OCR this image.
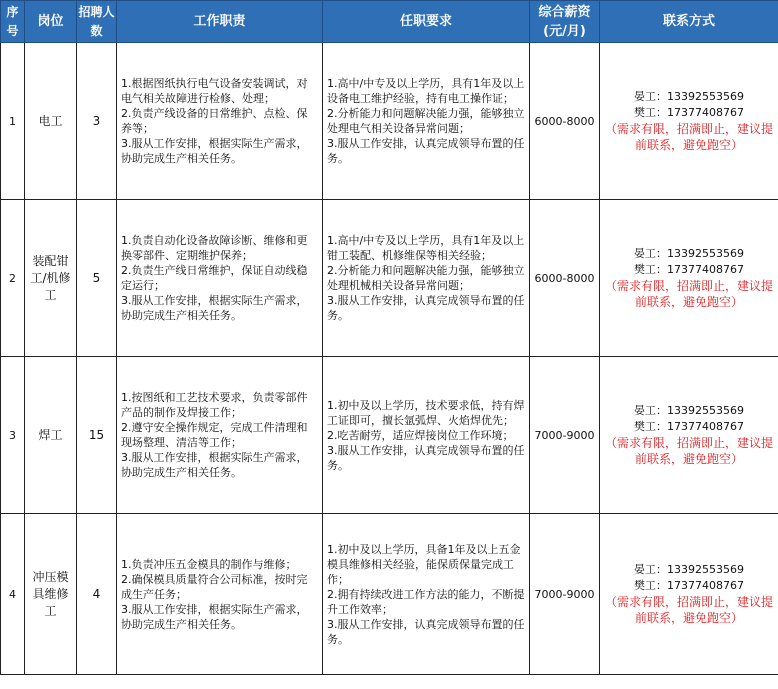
序号	岗位	招聘人数	工作职责	任职要求	综合薪资(元/月)	联系方式
1	电工	3	1.根据图纸执行电气设备安装调试，对电气相关故障进行检修、处理；
2.负责产线设备的日常维护、点检、保养等；
3.服从工作安排，根据实际生产需求，协助完成生产相关任务。	1.高中/中专及以上学历，具有1年及以上设备电工维护经验，持有电工操作证；
2.分析能力和问题解决能力强，能够独立处理电气相关设备异常问题；
3.服从工作安排，认真完成领导布置的任务。	6000-8000	晏工：13392553569
樊工：17377408767
（需求有限，招满即止，建议提前联系，避免跑空）

2	装配钳工/机修工	5	1.负责自动化设备故障诊断、维修和更换零部件、定期维护保养；
2.负责生产线日常维护，保证自动线稳定运行；
3.服从工作安排，根据实际生产需求，协助完成生产相关任务。	1.高中/中专及以上学历，具有1年及以上钳工装配、机修维保等相关经验；
2.分析能力和问题解决能力强，能够独立处理机械相关设备异常问题；
3.服从工作安排，认真完成领导布置的任务。	6000-8000	晏工：13392553569
樊工：17377408767
（需求有限，招满即止，建议提前联系，避免跑空）

3	焊工	15	1.按图纸和工艺技术要求，负责零部件产品的制作及焊接工作；
2.遵守安全操作规定，完成工件清理和现场整理、清洁等工作；
3.服从工作安排，根据实际生产需求，协助完成生产相关任务。	1.初中及以上学历，技术要求低，持有焊工证即可，擅长氩弧焊、火焰焊优先；
2.吃苦耐劳，适应焊接岗位工作环境；
3.服从工作安排，认真完成领导布置的任务。	7000-9000	晏工：13392553569
樊工：17377408767
（需求有限，招满即止，建议提前联系，避免跑空）

4	冲压模具维修工	4	1.负责冲压五金模具的制作与维修；
2.确保模具质量符合公司标准，按时完成生产任务；
3.服从工作安排，根据实际生产需求，协助完成生产相关任务。	1.初中及以上学历，具备1年及以上五金模具维修相关经验，能保质保量完成工作；
2.拥有持续改进工作方法的能力，不断提升工作效率；
3.服从工作安排，认真完成领导布置的任务。	7000-9000	晏工：13392553569
樊工：17377408767
（需求有限，招满即止，建议提前联系，避免跑空）
